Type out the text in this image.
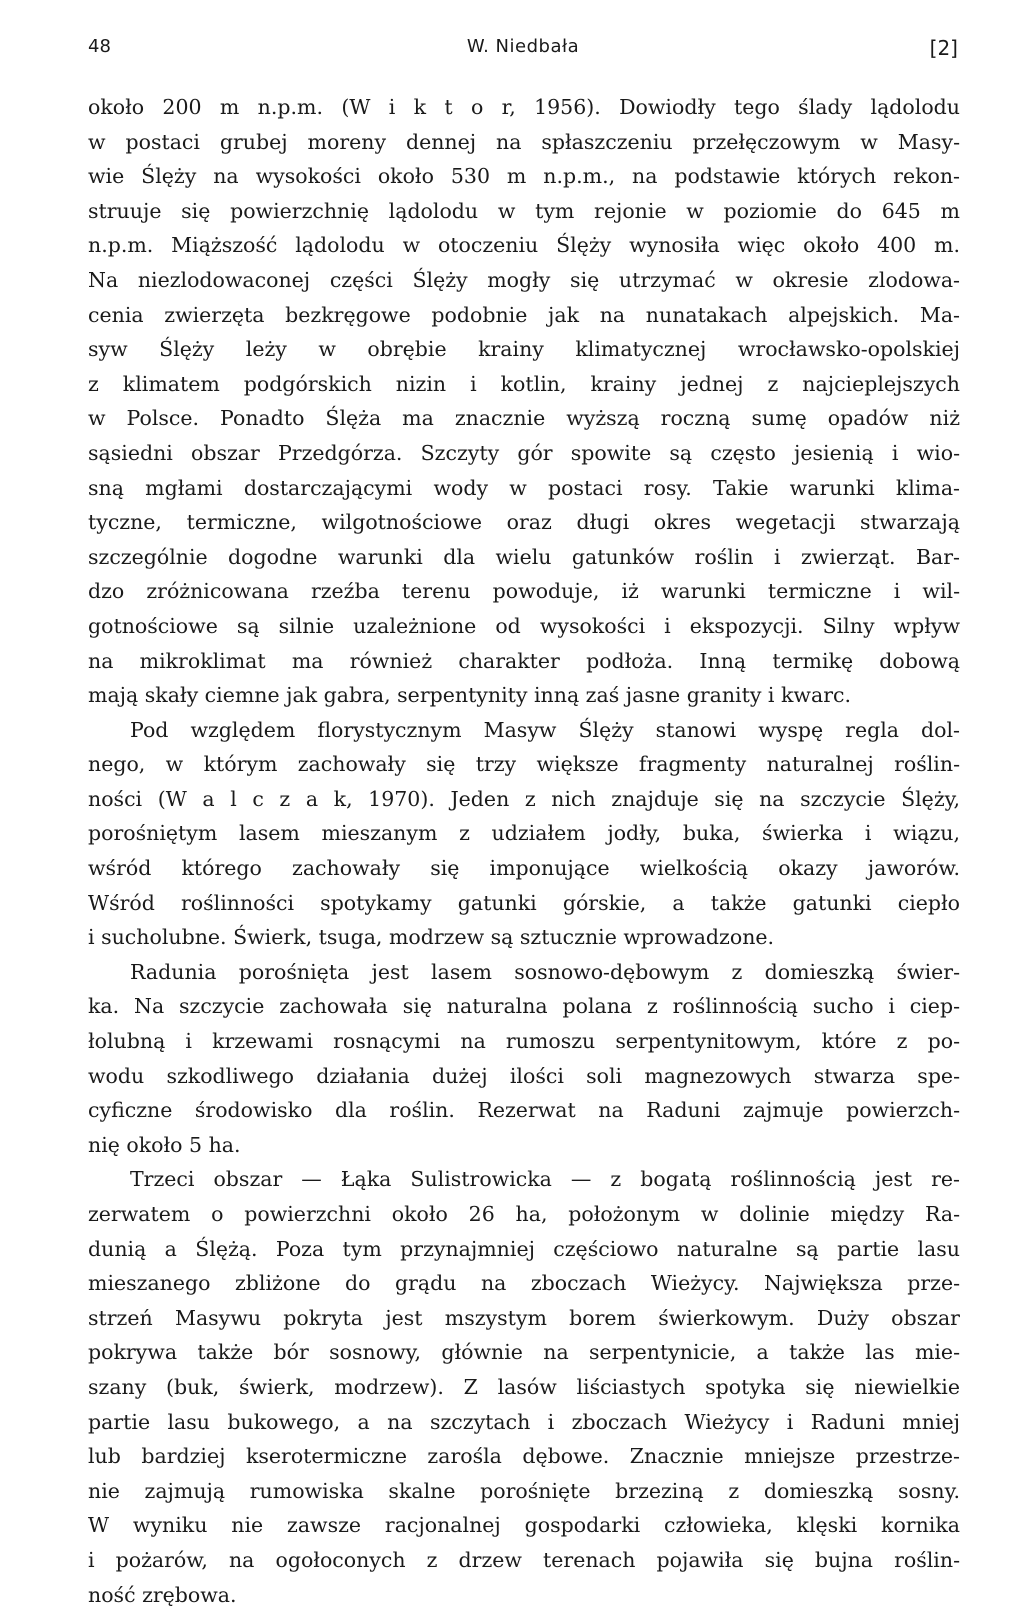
48	W. Niedbała	[2]
około 200 m n.p.m. (W i k t o r, 1956). Dowiodły tego ślady lądolodu
w postaci grubej moreny dennej na spłaszczeniu przełęczowym w Masy-
wie Ślęży na wysokości około 530 m n.p.m., na podstawie których rekon-
struuje się powierzchnię lądolodu w tym rejonie w poziomie do 645 m
n.p.m. Miąższość lądolodu w otoczeniu Ślęży wynosiła więc około 400 m.
Na niezlodowaconej części Ślęży mogły się utrzymać w okresie zlodowa-
cenia zwierzęta bezkręgowe podobnie jak na nunatakach alpejskich. Ma-
syw Ślęży leży w obrębie krainy klimatycznej wrocławsko-opolskiej
z klimatem podgórskich nizin i kotlin, krainy jednej z najcieplejszych
w Polsce. Ponadto Ślęża ma znacznie wyższą roczną sumę opadów niż
sąsiedni obszar Przedgórza. Szczyty gór spowite są często jesienią i wio-
sną mgłami dostarczającymi wody w postaci rosy. Takie warunki klima-
tyczne, termiczne, wilgotnościowe oraz długi okres wegetacji stwarzają
szczególnie dogodne warunki dla wielu gatunków roślin i zwierząt. Bar-
dzo zróżnicowana rzeźba terenu powoduje, iż warunki termiczne i wil-
gotnościowe są silnie uzależnione od wysokości i ekspozycji. Silny wpływ
na mikroklimat ma również charakter podłoża. Inną termikę dobową
mają skały ciemne jak gabra, serpentynity inną zaś jasne granity i kwarc.
Pod względem florystycznym Masyw Ślęży stanowi wyspę regla dol-
nego, w którym zachowały się trzy większe fragmenty naturalnej roślin-
ności (W a l c z a k, 1970). Jeden z nich znajduje się na szczycie Ślęży,
porośniętym lasem mieszanym z udziałem jodły, buka, świerka i wiązu,
wśród którego zachowały się imponujące wielkością okazy jaworów.
Wśród roślinności spotykamy gatunki górskie, a także gatunki ciepło
i sucholubne. Świerk, tsuga, modrzew są sztucznie wprowadzone.
Radunia porośnięta jest lasem sosnowo-dębowym z domieszką świer-
ka. Na szczycie zachowała się naturalna polana z roślinnością sucho i ciep-
łolubną i krzewami rosnącymi na rumoszu serpentynitowym, które z po-
wodu szkodliwego działania dużej ilości soli magnezowych stwarza spe-
cyficzne środowisko dla roślin. Rezerwat na Raduni zajmuje powierzch-
nię około 5 ha.
Trzeci obszar — Łąka Sulistrowicka — z bogatą roślinnością jest re-
zerwatem o powierzchni około 26 ha, położonym w dolinie między Ra-
dunią a Ślężą. Poza tym przynajmniej częściowo naturalne są partie lasu
mieszanego zbliżone do grądu na zboczach Wieżycy. Największa prze-
strzeń Masywu pokryta jest mszystym borem świerkowym. Duży obszar
pokrywa także bór sosnowy, głównie na serpentynicie, a także las mie-
szany (buk, świerk, modrzew). Z lasów liściastych spotyka się niewielkie
partie lasu bukowego, a na szczytach i zboczach Wieżycy i Raduni mniej
lub bardziej kserotermiczne zarośla dębowe. Znacznie mniejsze przestrze-
nie zajmują rumowiska skalne porośnięte brzeziną z domieszką sosny.
W wyniku nie zawsze racjonalnej gospodarki człowieka, klęski kornika
i pożarów, na ogołoconych z drzew terenach pojawiła się bujna roślin-
ność zrębowa.
